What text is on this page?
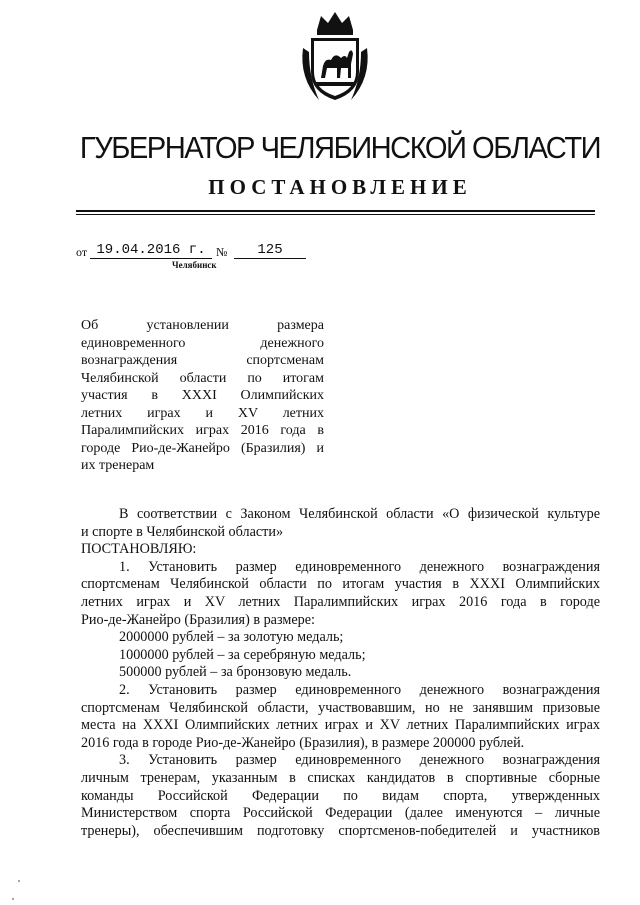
ГУБЕРНАТОР ЧЕЛЯБИНСКОЙ ОБЛАСТИ
ПОСТАНОВЛЕНИЕ
от 19.04.2016 г. №	125
Челябинск
Об установлении размера
единовременного денежного
вознаграждения спортсменам
Челябинской области по итогам
участия в XXXI Олимпийских
летних играх и XV летних
Паралимпийских играх 2016 года в
городе Рио-де-Жанейро (Бразилия) и
их тренерам
В соответствии с Законом Челябинской области «О физической культуре
и спорте в Челябинской области»
ПОСТАНОВЛЯЮ:
1. Установить размер единовременного денежного вознаграждения
спортсменам Челябинской области по итогам участия в XXXI Олимпийских
летних играх и XV летних Паралимпийских играх 2016 года в городе
Рио-де-Жанейро (Бразилия) в размере:
2000000 рублей – за золотую медаль;
1000000 рублей – за серебряную медаль;
500000 рублей – за бронзовую медаль.
2. Установить размер единовременного денежного вознаграждения
спортсменам Челябинской области, участвовавшим, но не занявшим призовые
места на XXXI Олимпийских летних играх и XV летних Паралимпийских играх
2016 года в городе Рио-де-Жанейро (Бразилия), в размере 200000 рублей.
3. Установить размер единовременного денежного вознаграждения
личным тренерам, указанным в списках кандидатов в спортивные сборные
команды Российской Федерации по видам спорта, утвержденных
Министерством спорта Российской Федерации (далее именуются – личные
тренеры), обеспечившим подготовку спортсменов-победителей и участников
